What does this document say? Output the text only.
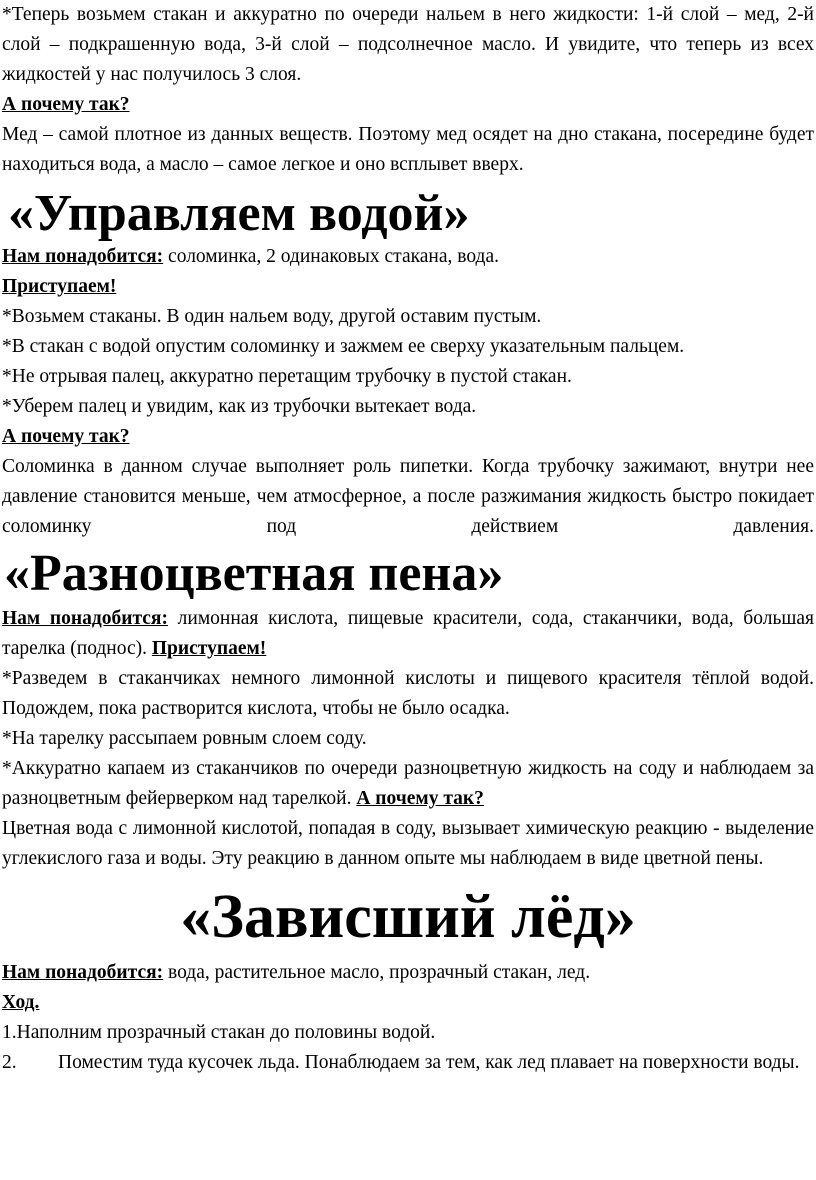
*Теперь возьмем стакан и аккуратно по очереди нальем в него жидкости: 1-й слой – мед, 2-й слой – подкрашенную вода, 3-й слой – подсолнечное масло. И увидите, что теперь из всех жидкостей у нас получилось 3 слоя.

А почему так?

Мед – самой плотное из данных веществ. Поэтому мед осядет на дно стакана, посередине будет находиться вода, а масло – самое легкое и оно всплывет вверх.

«Управляем водой»

Нам понадобится: соломинка, 2 одинаковых стакана, вода.

Приступаем!

*Возьмем стаканы. В один нальем воду, другой оставим пустым.

*В стакан с водой опустим соломинку и зажмем ее сверху указательным пальцем.

*Не отрывая палец, аккуратно перетащим трубочку в пустой стакан.

*Уберем палец и увидим, как из трубочки вытекает вода.

А почему так?

Соломинка в данном случае выполняет роль пипетки. Когда трубочку зажимают, внутри нее давление становится меньше, чем атмосферное, а после разжимания жидкость быстро покидает соломинку под действием давления.

«Разноцветная пена»

Нам понадобится: лимонная кислота, пищевые красители, сода, стаканчики, вода, большая тарелка (поднос). Приступаем!

*Разведем в стаканчиках немного лимонной кислоты и пищевого красителя тёплой водой. Подождем, пока растворится кислота, чтобы не было осадка.

*На тарелку рассыпаем ровным слоем соду.

*Аккуратно капаем из стаканчиков по очереди разноцветную жидкость на соду и наблюдаем за разноцветным фейерверком над тарелкой. А почему так?

Цветная вода с лимонной кислотой, попадая в соду, вызывает химическую реакцию - выделение углекислого газа и воды. Эту реакцию в данном опыте мы наблюдаем в виде цветной пены.

«Зависший лёд»

Нам понадобится: вода, растительное масло, прозрачный стакан, лед.

Ход.

1.Наполним прозрачный стакан до половины водой.

2. Поместим туда кусочек льда. Понаблюдаем за тем, как лед плавает на поверхности воды.
